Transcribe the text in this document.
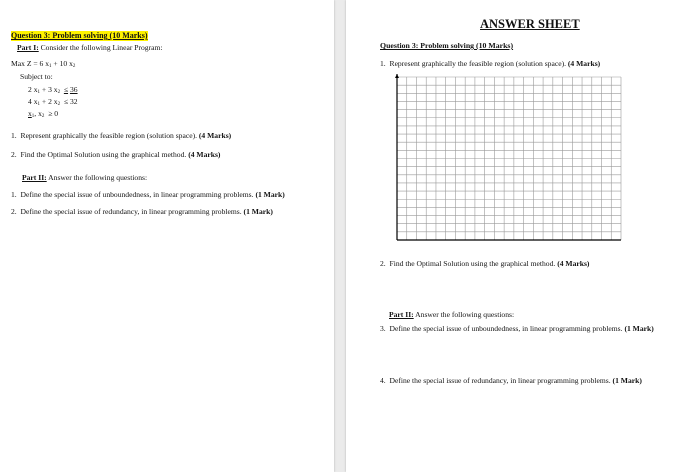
Question 3: Problem solving (10 Marks)
Part I: Consider the following Linear Program:
Max Z = 6 $x_1 + 10$ $x_2$
Subject to:
2 $x_1 + 3$ $x_2 \le 36$
4 $x_1 + 2$ $x_2 \le 32$
$x_1$, $x_2 \ge 0$
1. Represent graphically the feasible region (solution space). (4 Marks)
2. Find the Optimal Solution using the graphical method. (4 Marks)
Part II: Answer the following questions:
1. Define the special issue of unboundedness, in linear programming problems. (1 Mark)
2. Define the special issue of redundancy, in linear programming problems. (1 Mark)
ANSWER SHEET
Question 3: Problem solving (10 Marks)
1. Represent graphically the feasible region (solution space). (4 Marks)
2. Find the Optimal Solution using the graphical method. (4 Marks)
Part II: Answer the following questions:
3. Define the special issue of unboundedness, in linear programming problems. (1 Mark)
4. Define the special issue of redundancy, in linear programming problems. (1 Mark)
